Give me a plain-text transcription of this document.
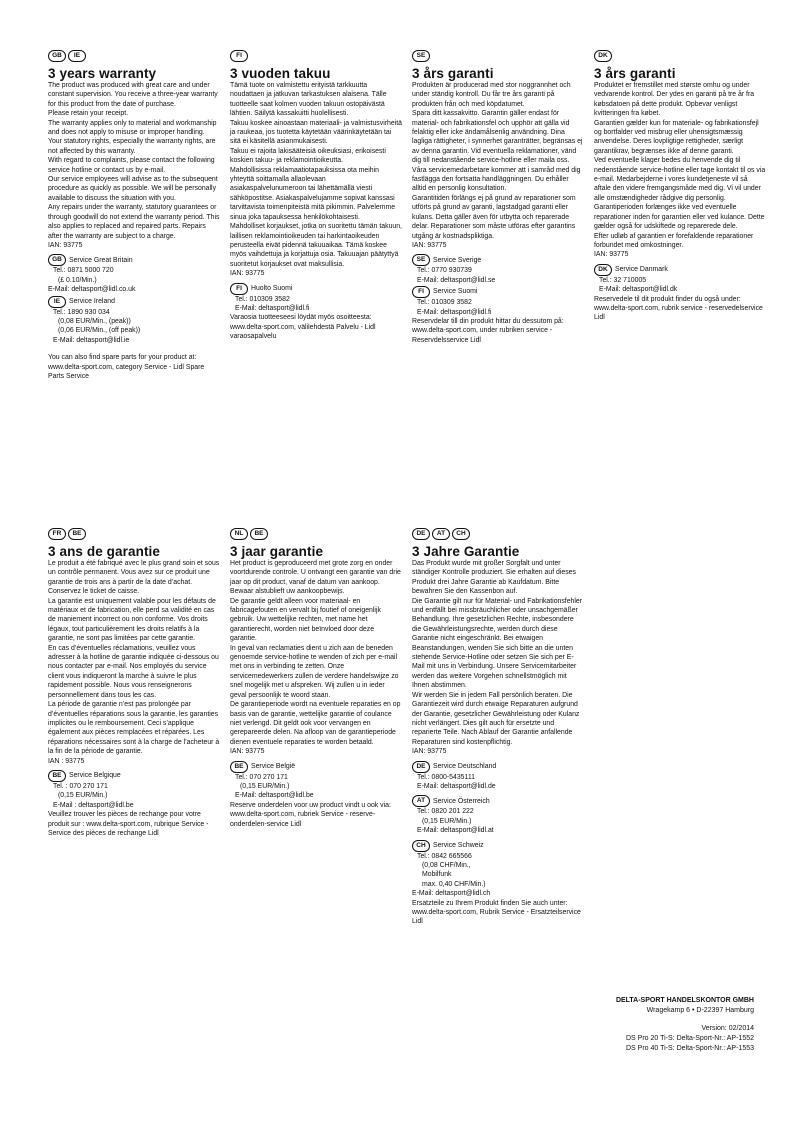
GB IE
3 years warranty

The product was produced with great care and under constant supervision. You receive a three-year warranty for this product from the date of purchase.

Please retain your receipt.

The warranty applies only to material and workmanship and does not apply to misuse or improper handling. Your statutory rights, especially the warranty rights, are not affected by this warranty.

With regard to complaints, please contact the following service hotline or contact us by e-mail.

Our service employees will advise as to the subsequent procedure as quickly as possible. We will be personally available to discuss the situation with you.

Any repairs under the warranty, statutory guarantees or through goodwill do not extend the warranty period. This also applies to replaced and repaired parts. Repairs after the warranty are subject to a charge.

IAN: 93775

GB	Service Great Britain

Tel.: 0871 5000 720

(£ 0.10/Min.)

E-Mail: deltasport@lidl.co.uk

IE	Service Ireland

Tel.: 1890 930 034

(0,08 EUR/Min., (peak))

(0,06 EUR/Min., (off peak))

E-Mail: deltasport@lidl.ie

You can also find spare parts for your product at: www.delta-sport.com, category Service - Lidl Spare Parts Service

FI
3 vuoden takuu

Tämä tuote on valmistettu erityistä tarkkuutta noudattaen ja jatkuvan tarkastuksen alaisena. Tälle tuotteelle saat kolmen vuoden takuun ostopäivästä lähtien. Säilytä kassakuitti huolellisesti.

Takuu koskee ainoastaan materiaali- ja valmistusvirheitä ja raukeaa, jos tuotetta käytetään väärinkäytetään tai sitä ei käsitellä asianmukaisesti.

Takuu ei rajoita lakisääteisiä oikeuksiasi, erikoisesti koskien takuu- ja reklamointioikeutta.

Mahdollisissa reklamaatiotapauksissa ota meihin yhteyttä soittamalla allaolevaan asiakaspalvelunumeroon tai lähettämällä viesti sähköpostitse. Asiakaspalvelujamme sopivat kanssasi tarvittavista toimenpiteistä mitä pikimmin. Palvelemme sinua joka tapauksessa henkilökohtaisesti.

Mahdolliset korjaukset, jotka on suoritettu tämän takuun, laillisen reklamointioikeuden tai harkintaoikeuden perusteella eivät pidennä takuuaikaa. Tämä koskee myös vaihdettuja ja korjattuja osia. Takuuajan päätyttyä suoritetut korjaukset ovat maksullisia.

IAN: 93775

FI	Huolto Suomi

Tel.: 010309 3582

E-Mail: deltasport@lidl.fi

Varaosia tuotteeseesi löydät myös osoitteesta: www.delta-sport.com, välilehdestä Palvelu - Lidl varaosapalvelu

SE
3 års garanti

Produkten är producerad med stor noggrannhet och under ständig kontroll. Du får tre års garanti på produkten från och med köpdatumet.

Spara ditt kassakvitto. Garantin gäller endast för material- och fabrikationsfel och upphör att gälla vid felaktig eller icke ändamålsenlig användning. Dina lagliga rättigheter, i synnerhet garanträtter, begränsas ej av denna garantin. Vid eventuella reklamationer, vänd dig till nedanstående service-hotline eller maila oss. Våra servicemedarbetare kommer att i samråd med dig fastlägga den fortsatta handläggningen. Du erhåller alltid en personlig konsultation.

Garantitiden förlängs ej på grund av reparationer som utförts på grund av garanti, lagstadgad garanti eller kulans. Detta gäller även för utbytta och reparerade delar. Reparationer som måste utföras efter garantins utgång är kostnadspliktiga.

IAN: 93775

SE	Service Sverige

Tel.: 0770 930739

E-Mail: deltasport@lidl.se

FI	Service Suomi

Tel.: 010309 3582

E-Mail: deltasport@lidl.fi

Reservdelar till din produkt hittar du dessutom på: www.delta-sport.com, under rubriken service - Reservdelsservice Lidl

DK
3 års garanti

Produktet er fremstillet med største omhu og under vedvarende kontrol. Der ydes en garanti på tre år fra købsdatoen på dette produkt. Opbevar venligst kvitteringen fra købet.

Garantien gælder kun for materiale- og fabrikationsfejl og bortfalder ved misbrug eller uhensigtsmæssig anvendelse. Deres lovpligtige rettigheder, særligt garantikrav, begrænses ikke af denne garanti.

Ved eventuelle klager bedes du henvende dig til nedenstående service-hotline eller tage kontakt til os via e-mail. Medarbejderne i vores kundetjeneste vil så aftale den videre fremgangsmåde med dig. Vi vil under alle omstændigheder rådgive dig personlig.

Garantiperioden forlænges ikke ved eventuelle reparationer inden for garantien eller ved kulance. Dette gælder også for udskiftede og reparerede dele.

Efter udløb af garantien er forefaldende reparationer forbundet med omkostninger.

IAN: 93775

DK	Service Danmark

Tel.: 32 710005

E-Mail: deltasport@lidl.dk

Reservedele til dit produkt finder du også under: www.delta-sport.com, rubrik service - reservedelservice Lidl

FR BE
3 ans de garantie

Le produit a été fabriqué avec le plus grand soin et sous un contrôle permanent. Vous avez sur ce produit une garantie de trois ans à partir de la date d’achat. Conservez le ticket de caisse.

La garantie est uniquement valable pour les défauts de matériaux et de fabrication, elle perd sa validité en cas de maniement incorrect ou non conforme. Vos droits légaux, tout particulièrement les droits relatifs à la garantie, ne sont pas limitées par cette garantie.

En cas d’éventuelles réclamations, veuillez vous adresser à la hotline de garantie indiquée ci-dessous ou nous contacter par e-mail. Nos employés du service client vous indiqueront la marche à suivre le plus rapidement possible. Nous vous renseignerons personnellement dans tous les cas.

La période de garantie n’est pas prolongée par d’éventuelles réparations sous la garantie, les garanties implicites ou le remboursement. Ceci s’applique également aux pièces remplacées et réparées. Les réparations nécessaires sont à la charge de l’acheteur à la fin de la période de garantie.

IAN : 93775

BE	Service Belgique

Tel. : 070 270 171

(0,15 EUR/Min.)

E-Mail : deltasport@lidl.be

Veuillez trouver les pièces de rechange pour votre produit sur : www.delta-sport.com, rubrique Service - Service des pièces de rechange Lidl

NL BE
3 jaar garantie

Het product is geproduceerd met grote zorg en onder voortdurende controle. U ontvangt een garantie van drie jaar op dit product, vanaf de datum van aankoop. Bewaar alstublieft uw aankoopbewijs.

De garantie geldt alleen voor materiaal- en fabricagefouten en vervalt bij foutief of oneigenlijk gebruik. Uw wettelijke rechten, met name het garantierecht, worden niet beïnvloed door deze garantie.

In geval van reclamaties dient u zich aan de beneden genoemde service-hotline te wenden of zich per e-mail met ons in verbinding te zetten. Onze servicemedewerkers zullen de verdere handelswijze zo snel mogelijk met u afspreken. Wij zullen u in ieder geval persoonlijk te woord staan.

De garantieperiode wordt na eventuele reparaties en op basis van de garantie, wettelijke garantie of coulance niet verlengd. Dit geldt ook voor vervangen en gerepareerde delen. Na afloop van de garantieperiode dienen eventuele reparaties te worden betaald.

IAN: 93775

BE	Service België

Tel.: 070 270 171

(0,15 EUR/Min.)

E-Mail: deltasport@lidl.be

Reserve onderdelen voor uw product vindt u ook via: www.delta-sport.com, rubriek Service - reserve-onderdelen-service Lidl

DE AT CH
3 Jahre Garantie

Das Produkt wurde mit großer Sorgfalt und unter ständiger Kontrolle produziert. Sie erhalten auf dieses Produkt drei Jahre Garantie ab Kaufdatum. Bitte bewahren Sie den Kassenbon auf.

Die Garantie gilt nur für Material- und Fabrikationsfehler und entfällt bei missbräuchlicher oder unsachgemäßer Behandlung. Ihre gesetzlichen Rechte, insbesondere die Gewährleistungsrechte, werden durch diese Garantie nicht eingeschränkt. Bei etwaigen Beanstandungen, wenden Sie sich bitte an die unten stehende Service-Hotline oder setzen Sie sich per E-Mail mit uns in Verbindung. Unsere Servicemitarbeiter werden das weitere Vorgehen schnellstmöglich mit Ihnen abstimmen.

Wir werden Sie in jedem Fall persönlich beraten. Die Garantiezeit wird durch etwaige Reparaturen aufgrund der Garantie, gesetzlicher Gewährleistung oder Kulanz nicht verlängert. Dies gilt auch für ersetzte und reparierte Teile. Nach Ablauf der Garantie anfallende Reparaturen sind kostenpflichtig.

IAN: 93775

DE	Service Deutschland

Tel.: 0800-5435111

E-Mail: deltasport@lidl.de

AT	Service Österreich

Tel.: 0820 201 222

(0,15 EUR/Min.)

E-Mail: deltasport@lidl.at

CH	Service Schweiz

Tel.: 0842 665566

(0,08 CHF/Min.,

Mobilfunk

max. 0,40 CHF/Min.)

E-Mail: deltasport@lidl.ch

Ersatzteile zu Ihrem Produkt finden Sie auch unter: www.delta-sport.com, Rubrik Service - Ersatzteilservice Lidl

DELTA-SPORT HANDELSKONTOR GMBH
Wragekamp 6 • D-22397 Hamburg
Version: 02/2014
DS Pro 20 Ti-S: Delta-Sport-Nr.: AP-1552
DS Pro 40 Ti-S: Delta-Sport-Nr.: AP-1553
